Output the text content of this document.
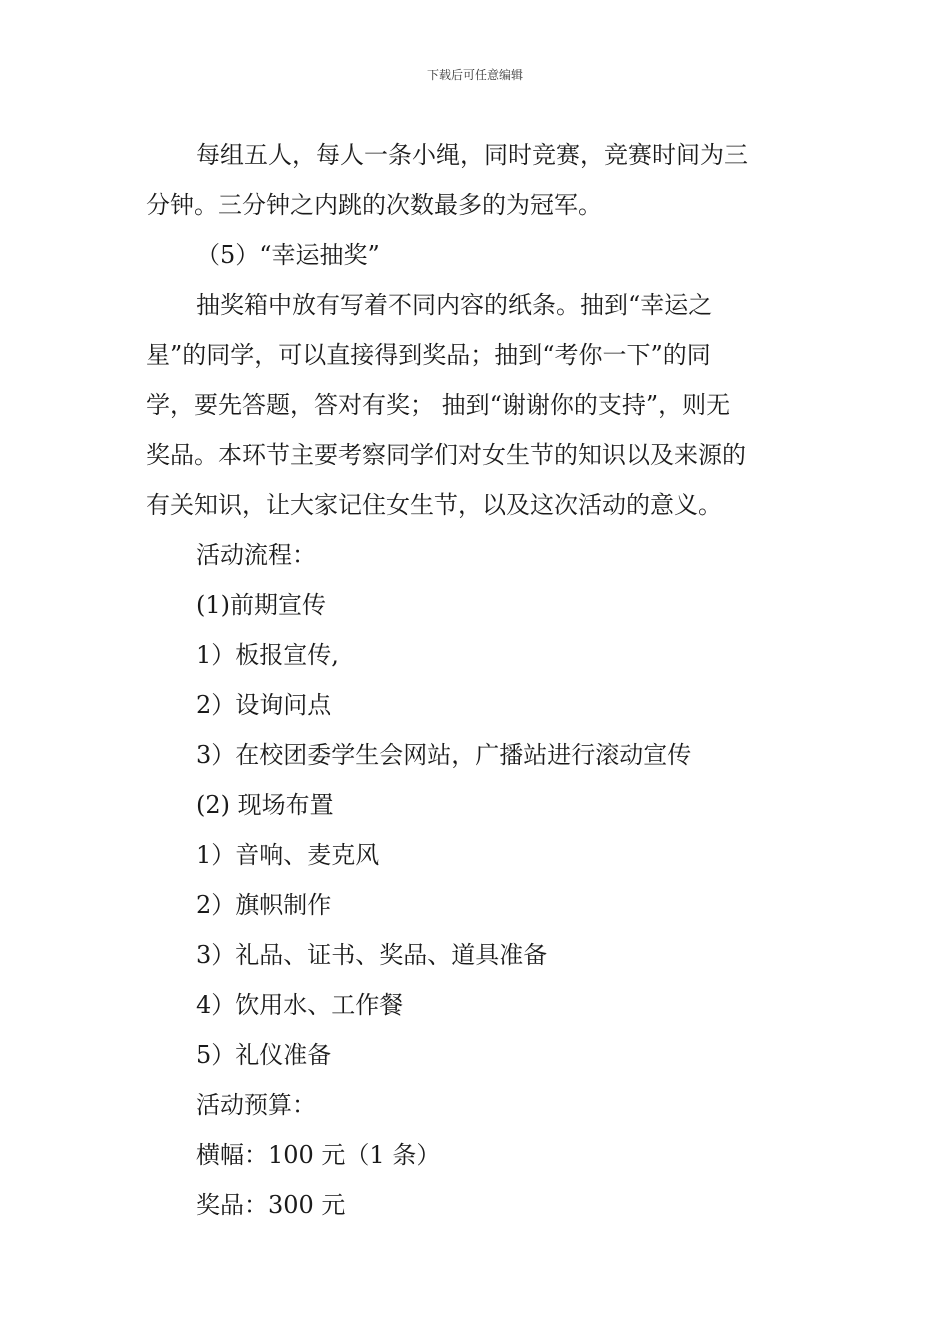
下载后可任意编辑

每组五人，每人一条小绳，同时竞赛，竞赛时间为三

分钟。三分钟之内跳的次数最多的为冠军。

（5）“幸运抽奖”

抽奖箱中放有写着不同内容的纸条。抽到“幸运之

星”的同学，可以直接得到奖品；抽到“考你一下”的同

学，要先答题，答对有奖； 抽到“谢谢你的支持”，则无

奖品。本环节主要考察同学们对女生节的知识以及来源的

有关知识，让大家记住女生节，以及这次活动的意义。

活动流程：

(1)前期宣传

1）板报宣传,

2）设询问点

3）在校团委学生会网站，广播站进行滚动宣传

(2) 现场布置

1）音响、麦克风

2）旗帜制作

3）礼品、证书、奖品、道具准备

4）饮用水、工作餐

5）礼仪准备

活动预算：

横幅：100 元（1 条）

奖品：300 元
